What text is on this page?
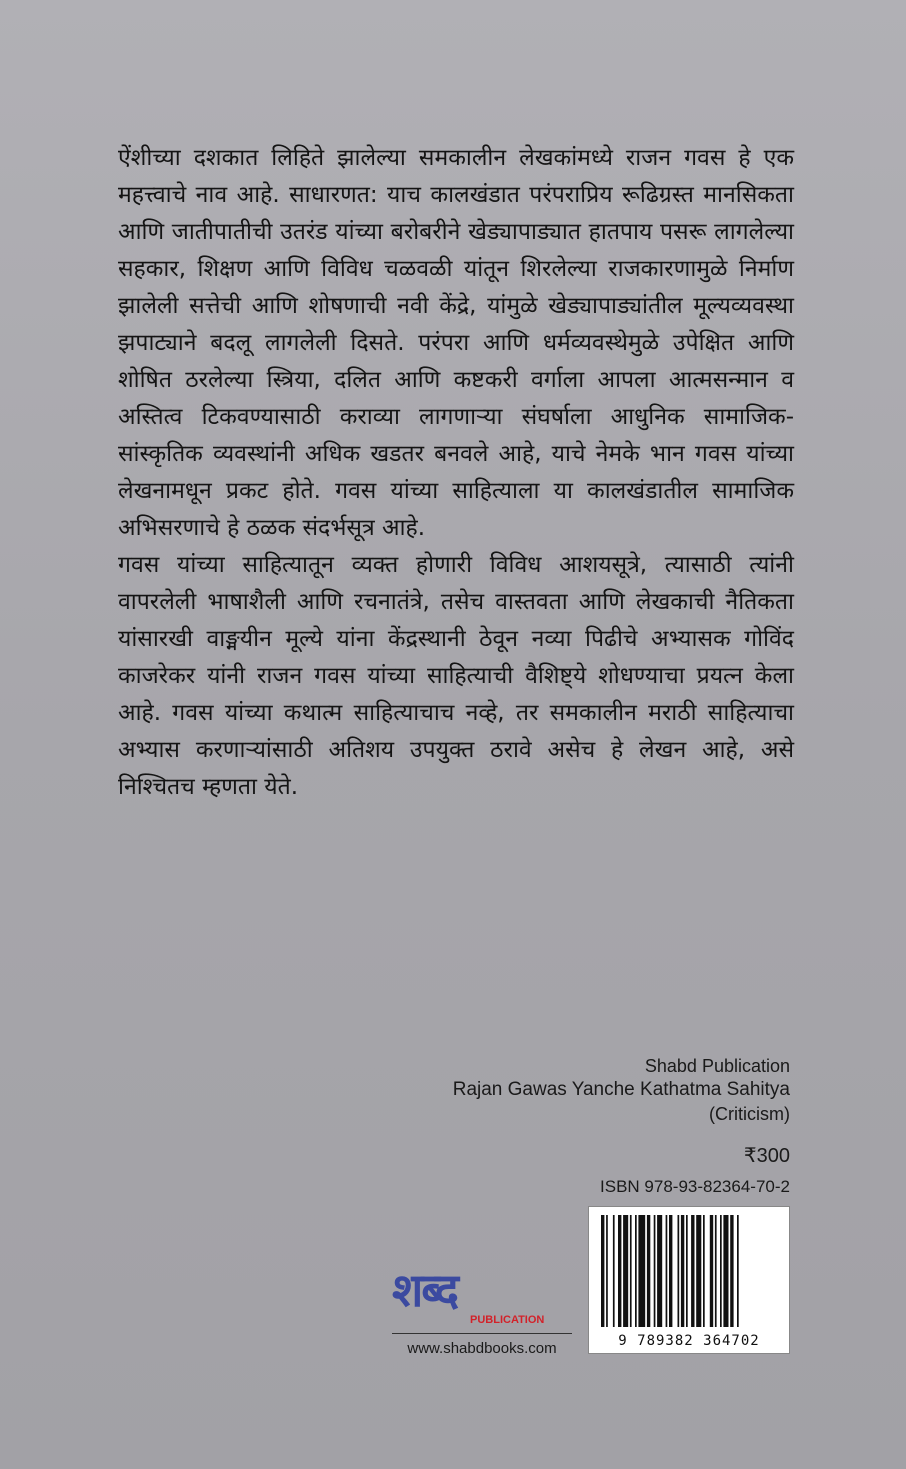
ऐंशीच्या दशकात लिहिते झालेल्या समकालीन लेखकांमध्ये राजन गवस हे एक महत्त्वाचे नाव आहे. साधारणत: याच कालखंडात परंपराप्रिय रूढिग्रस्त मानसिकता आणि जातीपातीची उतरंड यांच्या बरोबरीने खेड्यापाड्यात हातपाय पसरू लागलेल्या सहकार, शिक्षण आणि विविध चळवळी यांतून शिरलेल्या राजकारणामुळे निर्माण झालेली सत्तेची आणि शोषणाची नवी केंद्रे, यांमुळे खेड्यापाड्यांतील मूल्यव्यवस्था झपाट्याने बदलू लागलेली दिसते. परंपरा आणि धर्मव्यवस्थेमुळे उपेक्षित आणि शोषित ठरलेल्या स्त्रिया, दलित आणि कष्टकरी वर्गाला आपला आत्मसन्मान व अस्तित्व टिकवण्यासाठी कराव्या लागणाऱ्या संघर्षाला आधुनिक सामाजिक-सांस्कृतिक व्यवस्थांनी अधिक खडतर बनवले आहे, याचे नेमके भान गवस यांच्या लेखनामधून प्रकट होते. गवस यांच्या साहित्याला या कालखंडातील सामाजिक अभिसरणाचे हे ठळक संदर्भसूत्र आहे.

गवस यांच्या साहित्यातून व्यक्त होणारी विविध आशयसूत्रे, त्यासाठी त्यांनी वापरलेली भाषाशैली आणि रचनातंत्रे, तसेच वास्तवता आणि लेखकाची नैतिकता यांसारखी वाङ्मयीन मूल्ये यांना केंद्रस्थानी ठेवून नव्या पिढीचे अभ्यासक गोविंद काजरेकर यांनी राजन गवस यांच्या साहित्याची वैशिष्ट्ये शोधण्याचा प्रयत्न केला आहे. गवस यांच्या कथात्म साहित्याचाच नव्हे, तर समकालीन मराठी साहित्याचा अभ्यास करणाऱ्यांसाठी अतिशय उपयुक्त ठरावे असेच हे लेखन आहे, असे निश्चितच म्हणता येते.

Shabd Publication
Rajan Gawas Yanche Kathatma Sahitya
(Criticism)
₹300
ISBN 978-93-82364-70-2
9 789382 364702
शब्द
PUBLICATION
www.shabdbooks.com
